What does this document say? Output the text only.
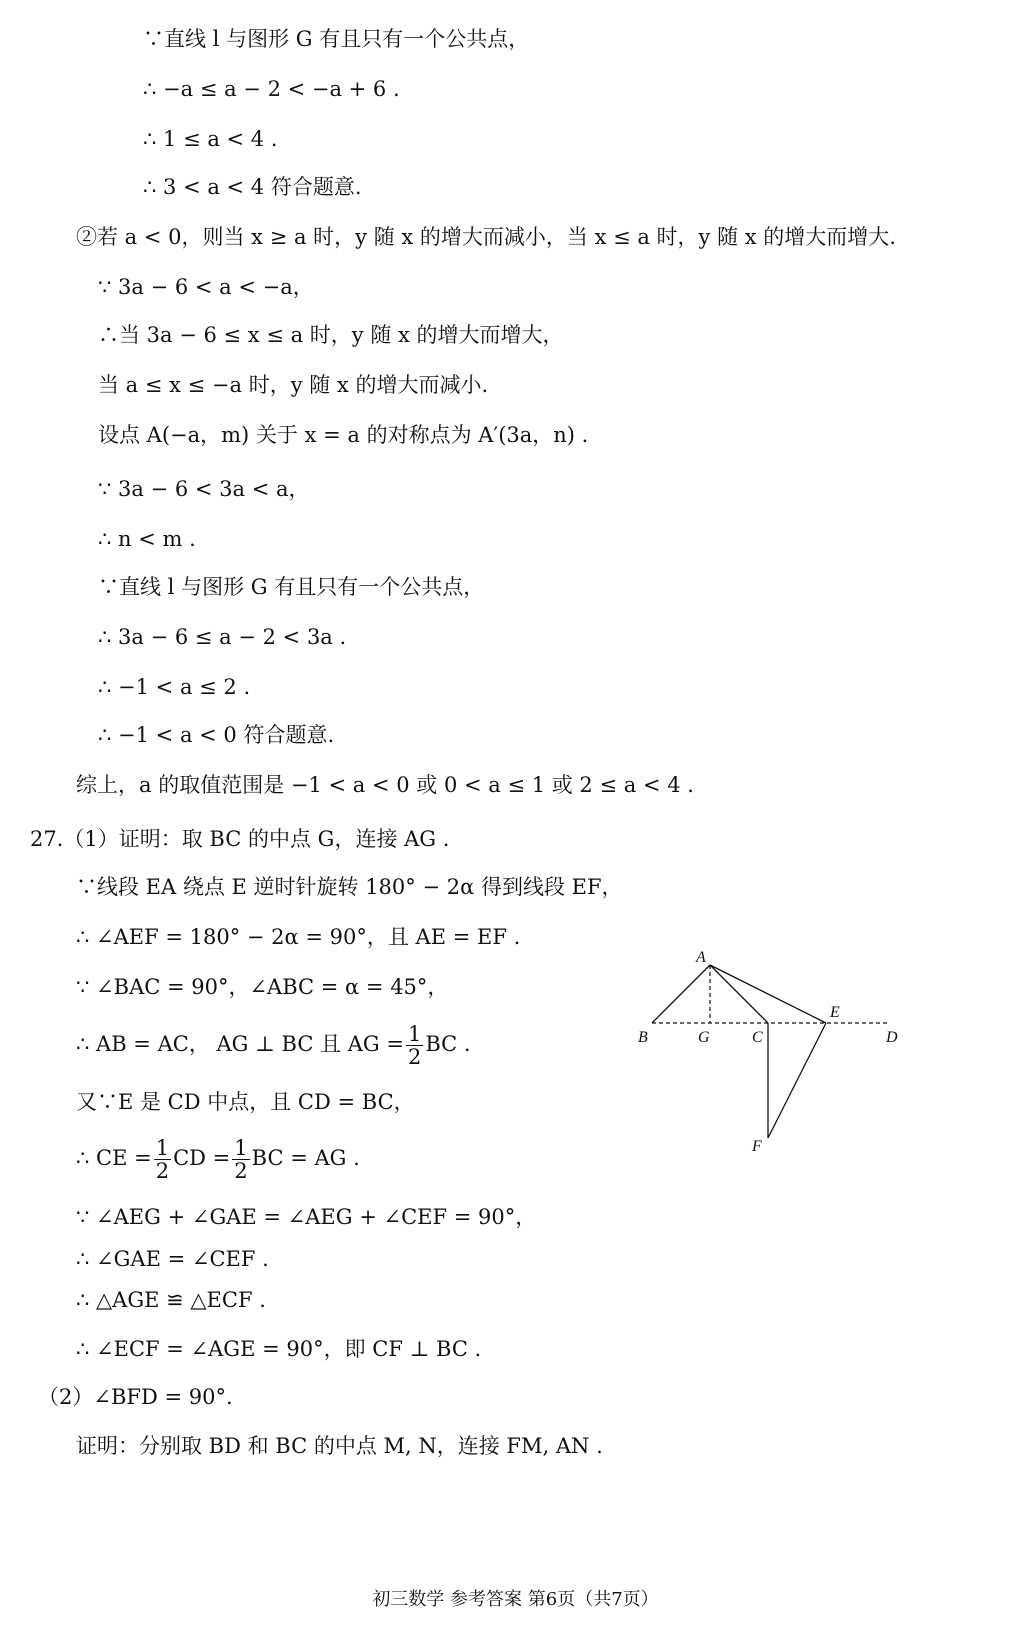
∵直线 l 与图形 G 有且只有一个公共点，
∴ −a ≤ a − 2 < −a + 6 .
∴ 1 ≤ a < 4 .
∴ 3 < a < 4 符合题意.
②若 a < 0，则当 x ≥ a 时，y 随 x 的增大而减小，当 x ≤ a 时，y 随 x 的增大而增大.
∵ 3a − 6 < a < −a，
∴当 3a − 6 ≤ x ≤ a 时，y 随 x 的增大而增大，
当 a ≤ x ≤ −a 时，y 随 x 的增大而减小.
设点 A(−a，m) 关于 x = a 的对称点为 A′(3a，n) .
∵ 3a − 6 < 3a < a，
∴ n < m .
∵直线 l 与图形 G 有且只有一个公共点，
∴ 3a − 6 ≤ a − 2 < 3a .
∴ −1 < a ≤ 2 .
∴ −1 < a < 0 符合题意.
综上，a 的取值范围是 −1 < a < 0 或 0 < a ≤ 1 或 2 ≤ a < 4 .
27.（1）证明：取 BC 的中点 G，连接 AG .
∵线段 EA 绕点 E 逆时针旋转 180° − 2α 得到线段 EF，
∴ ∠AEF = 180° − 2α = 90°，且 AE = EF .
∵ ∠BAC = 90°，∠ABC = α = 45°，
∴ AB = AC， AG ⊥ BC 且 AG = $\frac{1}{2}$ BC .
又∵E 是 CD 中点，且 CD = BC，
∴ CE = $\frac{1}{2}$ CD = $\frac{1}{2}$ BC = AG .
∵ ∠AEG + ∠GAE = ∠AEG + ∠CEF = 90°，
∴ ∠GAE = ∠CEF .
∴ △AGE ≌ △ECF .
∴ ∠ECF = ∠AGE = 90°，即 CF ⊥ BC .
（2）∠BFD = 90°.
证明：分别取 BD 和 BC 的中点 M, N，连接 FM, AN .
A
B	G	C
E
D
F
初三数学 参考答案 第6页（共7页）
